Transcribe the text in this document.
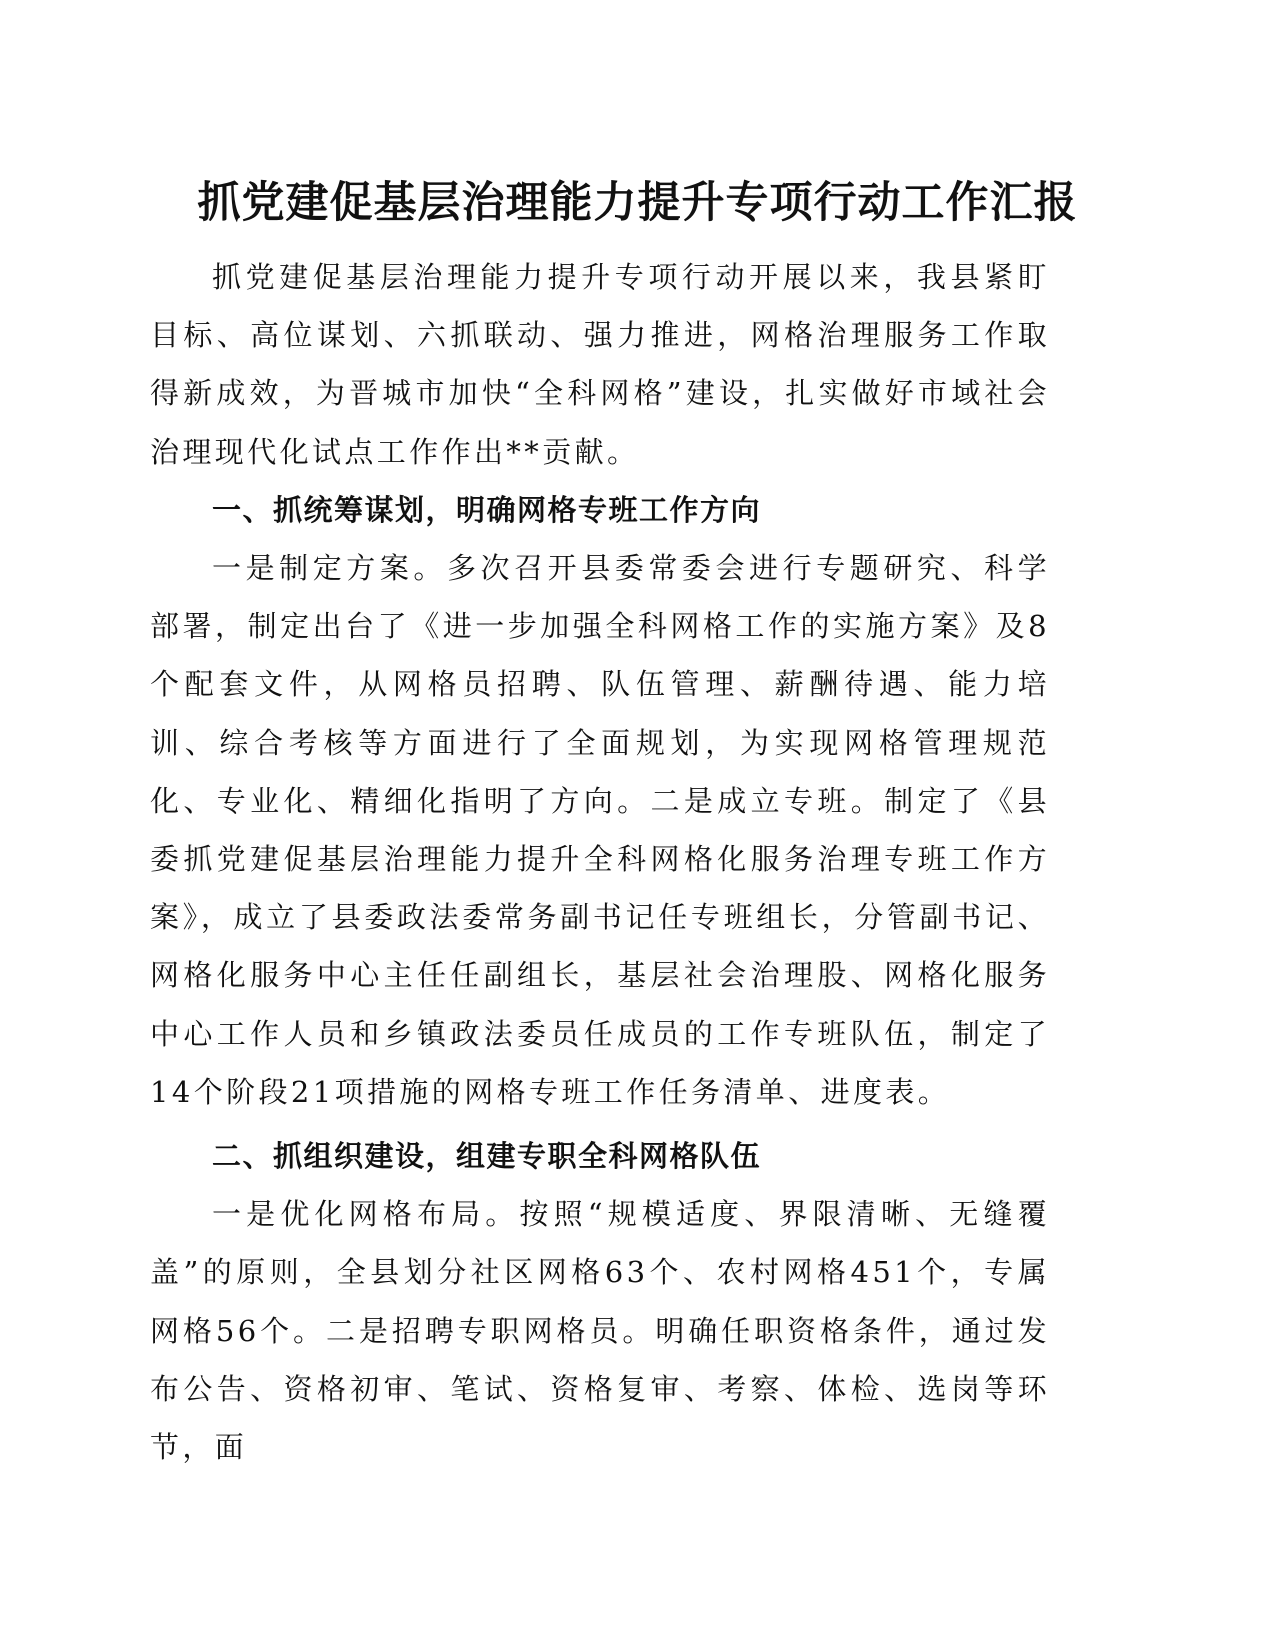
抓党建促基层治理能力提升专项行动工作汇报

抓党建促基层治理能力提升专项行动开展以来，我县紧盯目标、高位谋划、六抓联动、强力推进，网格治理服务工作取得新成效，为晋城市加快“全科网格”建设，扎实做好市域社会治理现代化试点工作作出**贡献。

一、抓统筹谋划，明确网格专班工作方向

一是制定方案。多次召开县委常委会进行专题研究、科学部署，制定出台了《进一步加强全科网格工作的实施方案》及8个配套文件，从网格员招聘、队伍管理、薪酬待遇、能力培训、综合考核等方面进行了全面规划，为实现网格管理规范化、专业化、精细化指明了方向。二是成立专班。制定了《县委抓党建促基层治理能力提升全科网格化服务治理专班工作方案》，成立了县委政法委常务副书记任专班组长，分管副书记、网格化服务中心主任任副组长，基层社会治理股、网格化服务中心工作人员和乡镇政法委员任成员的工作专班队伍，制定了14个阶段21项措施的网格专班工作任务清单、进度表。

二、抓组织建设，组建专职全科网格队伍

一是优化网格布局。按照“规模适度、界限清晰、无缝覆盖”的原则，全县划分社区网格63个、农村网格451个，专属网格56个。二是招聘专职网格员。明确任职资格条件，通过发布公告、资格初审、笔试、资格复审、考察、体检、选岗等环节，面
